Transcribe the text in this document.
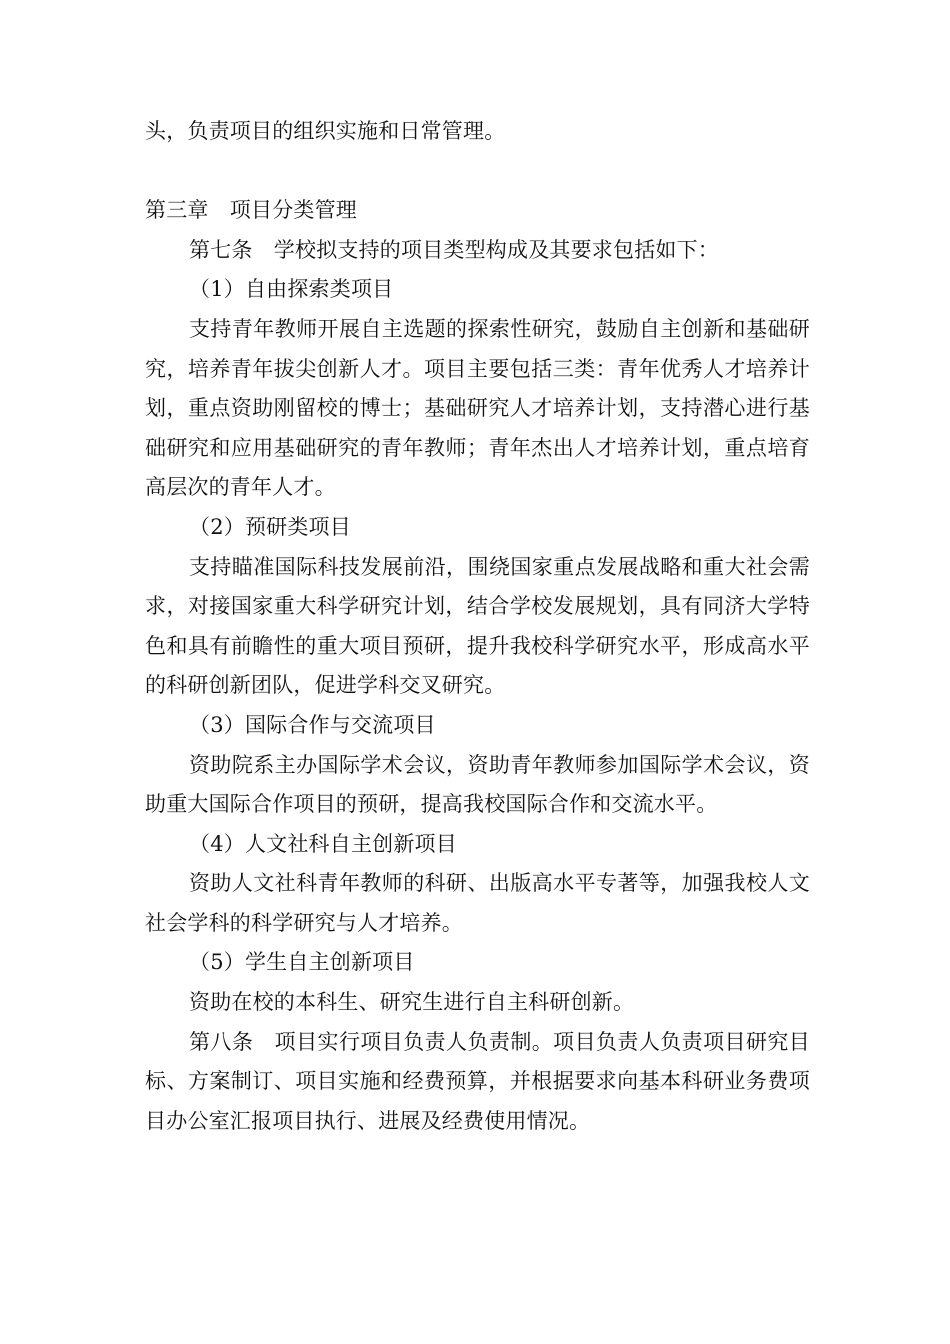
头，负责项目的组织实施和日常管理。

第三章　项目分类管理

第七条　学校拟支持的项目类型构成及其要求包括如下：

（1）自由探索类项目

支持青年教师开展自主选题的探索性研究，鼓励自主创新和基础研究，培养青年拔尖创新人才。项目主要包括三类：青年优秀人才培养计划，重点资助刚留校的博士；基础研究人才培养计划，支持潜心进行基础研究和应用基础研究的青年教师；青年杰出人才培养计划，重点培育高层次的青年人才。

（2）预研类项目

支持瞄准国际科技发展前沿，围绕国家重点发展战略和重大社会需求，对接国家重大科学研究计划，结合学校发展规划，具有同济大学特色和具有前瞻性的重大项目预研，提升我校科学研究水平，形成高水平的科研创新团队，促进学科交叉研究。

（3）国际合作与交流项目

资助院系主办国际学术会议，资助青年教师参加国际学术会议，资助重大国际合作项目的预研，提高我校国际合作和交流水平。

（4）人文社科自主创新项目

资助人文社科青年教师的科研、出版高水平专著等，加强我校人文社会学科的科学研究与人才培养。

（5）学生自主创新项目

资助在校的本科生、研究生进行自主科研创新。

第八条　项目实行项目负责人负责制。项目负责人负责项目研究目标、方案制订、项目实施和经费预算，并根据要求向基本科研业务费项目办公室汇报项目执行、进展及经费使用情况。
